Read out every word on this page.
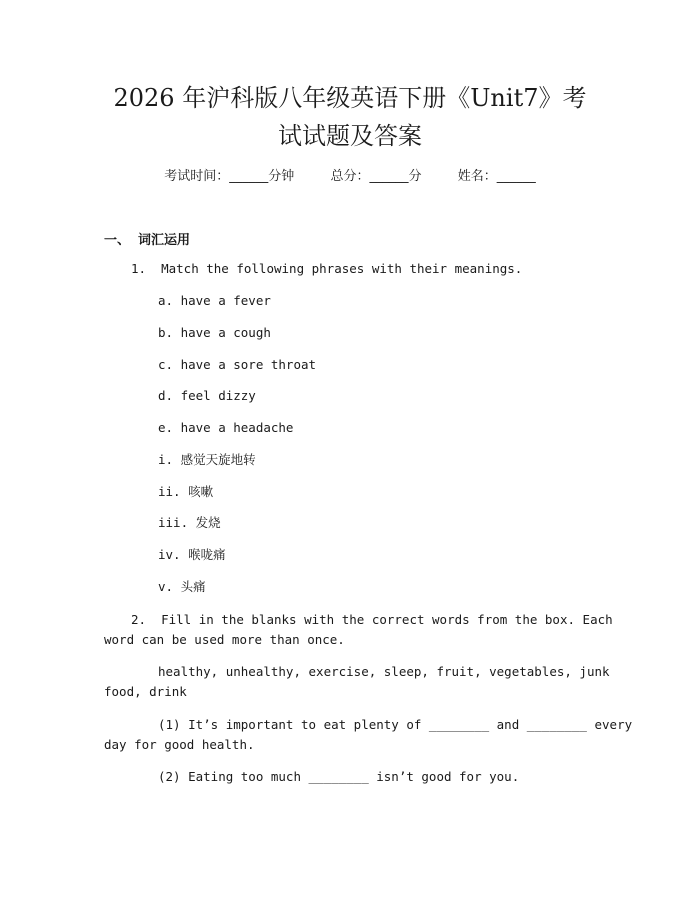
2026 年沪科版八年级英语下册《Unit7》考
试试题及答案
考试时间：______分钟	总分：______分	姓名：______
一、 词汇运用
1.  Match the following phrases with their meanings.
a. have a fever
b. have a cough
c. have a sore throat
d. feel dizzy
e. have a headache
i. 感觉天旋地转
ii. 咳嗽
iii. 发烧
iv. 喉咙痛
v. 头痛
2.  Fill in the blanks with the correct words from the box. Each
word can be used more than once.
healthy, unhealthy, exercise, sleep, fruit, vegetables, junk
food, drink
(1) It’s important to eat plenty of ________ and ________ every
day for good health.
(2) Eating too much ________ isn’t good for you.
